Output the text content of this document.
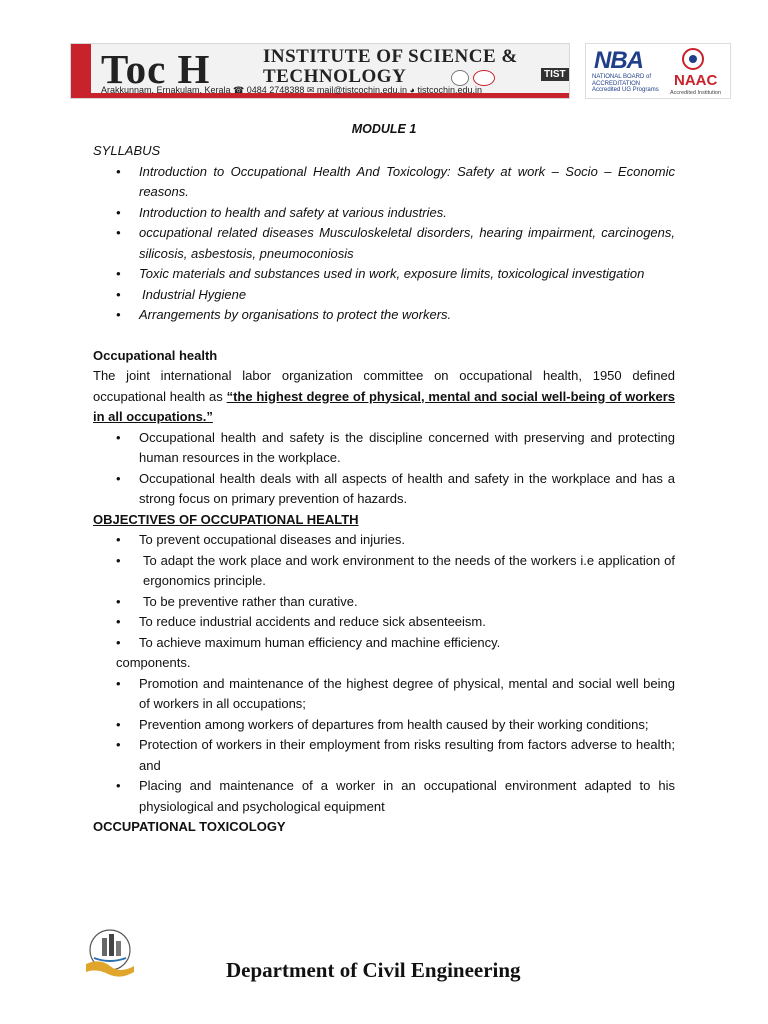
Toc H	INSTITUTE OF SCIENCE &
TECHNOLOGY	TIST
Arakkunnam, Ernakulam, Kerala ☎ 0484 2748388 ✉ mail@tistcochin.edu.in ◕ tistcochin.edu.in
NBA
NATIONAL BOARD of ACCREDITATION Accredited UG Programs
NAAC
Accredited Institution
MODULE 1

SYLLABUS

• Introduction to Occupational Health And Toxicology: Safety at work – Socio – Economic reasons.
• Introduction to health and safety at various industries.
• occupational related diseases Musculoskeletal disorders, hearing impairment, carcinogens, silicosis, asbestosis, pneumoconiosis
• Toxic materials and substances used in work, exposure limits, toxicological investigation
• Industrial Hygiene
• Arrangements by organisations to protect the workers.

Occupational health

The joint international labor organization committee on occupational health, 1950 defined occupational health as “the highest degree of physical, mental and social well-being of workers in all occupations.”

• Occupational health and safety is the discipline concerned with preserving and protecting human resources in the workplace.
• Occupational health deals with all aspects of health and safety in the workplace and has a strong focus on primary prevention of hazards.

OBJECTIVES OF OCCUPATIONAL HEALTH

• To prevent occupational diseases and injuries.
• To adapt the work place and work environment to the needs of the workers i.e application of ergonomics principle.
• To be preventive rather than curative.
• To reduce industrial accidents and reduce sick absenteeism.
• To achieve maximum human efficiency and machine efficiency.

components.

• Promotion and maintenance of the highest degree of physical, mental and social well being of workers in all occupations;
• Prevention among workers of departures from health caused by their working conditions;
• Protection of workers in their employment from risks resulting from factors adverse to health; and
• Placing and maintenance of a worker in an occupational environment adapted to his physiological and psychological equipment

OCCUPATIONAL TOXICOLOGY

Department of Civil Engineering
